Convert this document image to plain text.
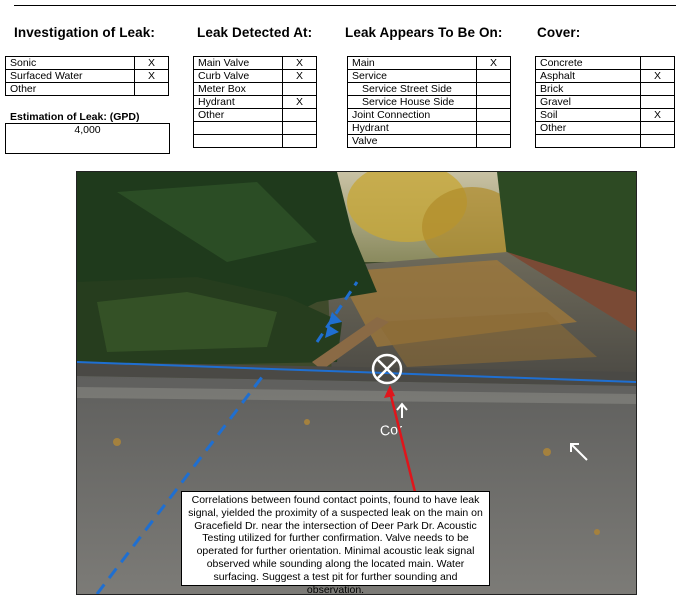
Investigation of Leak:	Leak Detected At: Leak Appears To Be On:	Cover:
Sonic	X
Surfaced Water	X
Other	
Estimation of Leak: (GPD)
4,000
Main Valve	X
Curb Valve	X
Meter Box	
Hydrant	X
Other	

Main	X
Service	
Service Street Side	
Service House Side	
Joint Connection	
Hydrant	
Valve	
Concrete	
Asphalt	X
Brick	
Gravel	
Soil	X
Other	

Cor
Correlations between found contact points, found to have leak signal, yielded the proximity of a suspected leak on the main on Gracefield Dr. near the intersection of Deer Park Dr. Acoustic Testing utilized for further confirmation. Valve needs to be operated for further orientation. Minimal acoustic leak signal observed while sounding along the located main. Water surfacing. Suggest a test pit for further sounding and observation.
